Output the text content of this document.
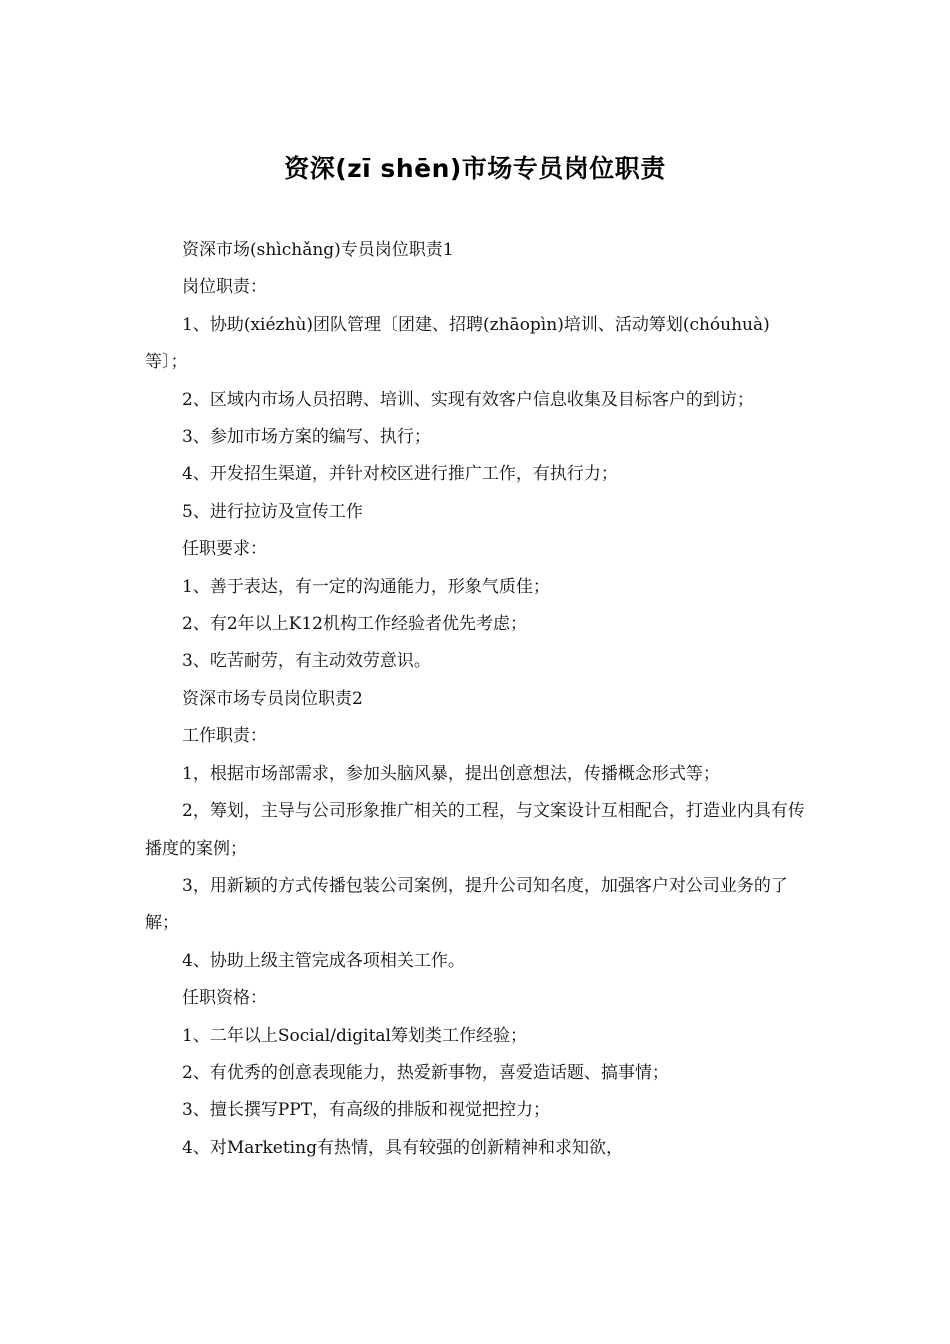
资深(zī shēn)市场专员岗位职责

资深市场(shìchǎng)专员岗位职责1

岗位职责：

1、协助(xiézhù)团队管理〔团建、招聘(zhāopìn)培训、活动筹划(chóuhuà)等〕；

2、区域内市场人员招聘、培训、实现有效客户信息收集及目标客户的到访；

3、参加市场方案的编写、执行；

4、开发招生渠道，并针对校区进行推广工作，有执行力；

5、进行拉访及宣传工作

任职要求：

1、善于表达，有一定的沟通能力，形象气质佳；

2、有2年以上K12机构工作经验者优先考虑；

3、吃苦耐劳，有主动效劳意识。

资深市场专员岗位职责2

工作职责：

1，根据市场部需求，参加头脑风暴，提出创意想法，传播概念形式等；

2，筹划，主导与公司形象推广相关的工程，与文案设计互相配合，打造业内具有传播度的案例；

3，用新颖的方式传播包装公司案例，提升公司知名度，加强客户对公司业务的了解；

4、协助上级主管完成各项相关工作。

任职资格：

1、二年以上Social/digital筹划类工作经验；

2、有优秀的创意表现能力，热爱新事物，喜爱造话题、搞事情；

3、擅长撰写PPT，有高级的排版和视觉把控力；

4、对Marketing有热情，具有较强的创新精神和求知欲，
